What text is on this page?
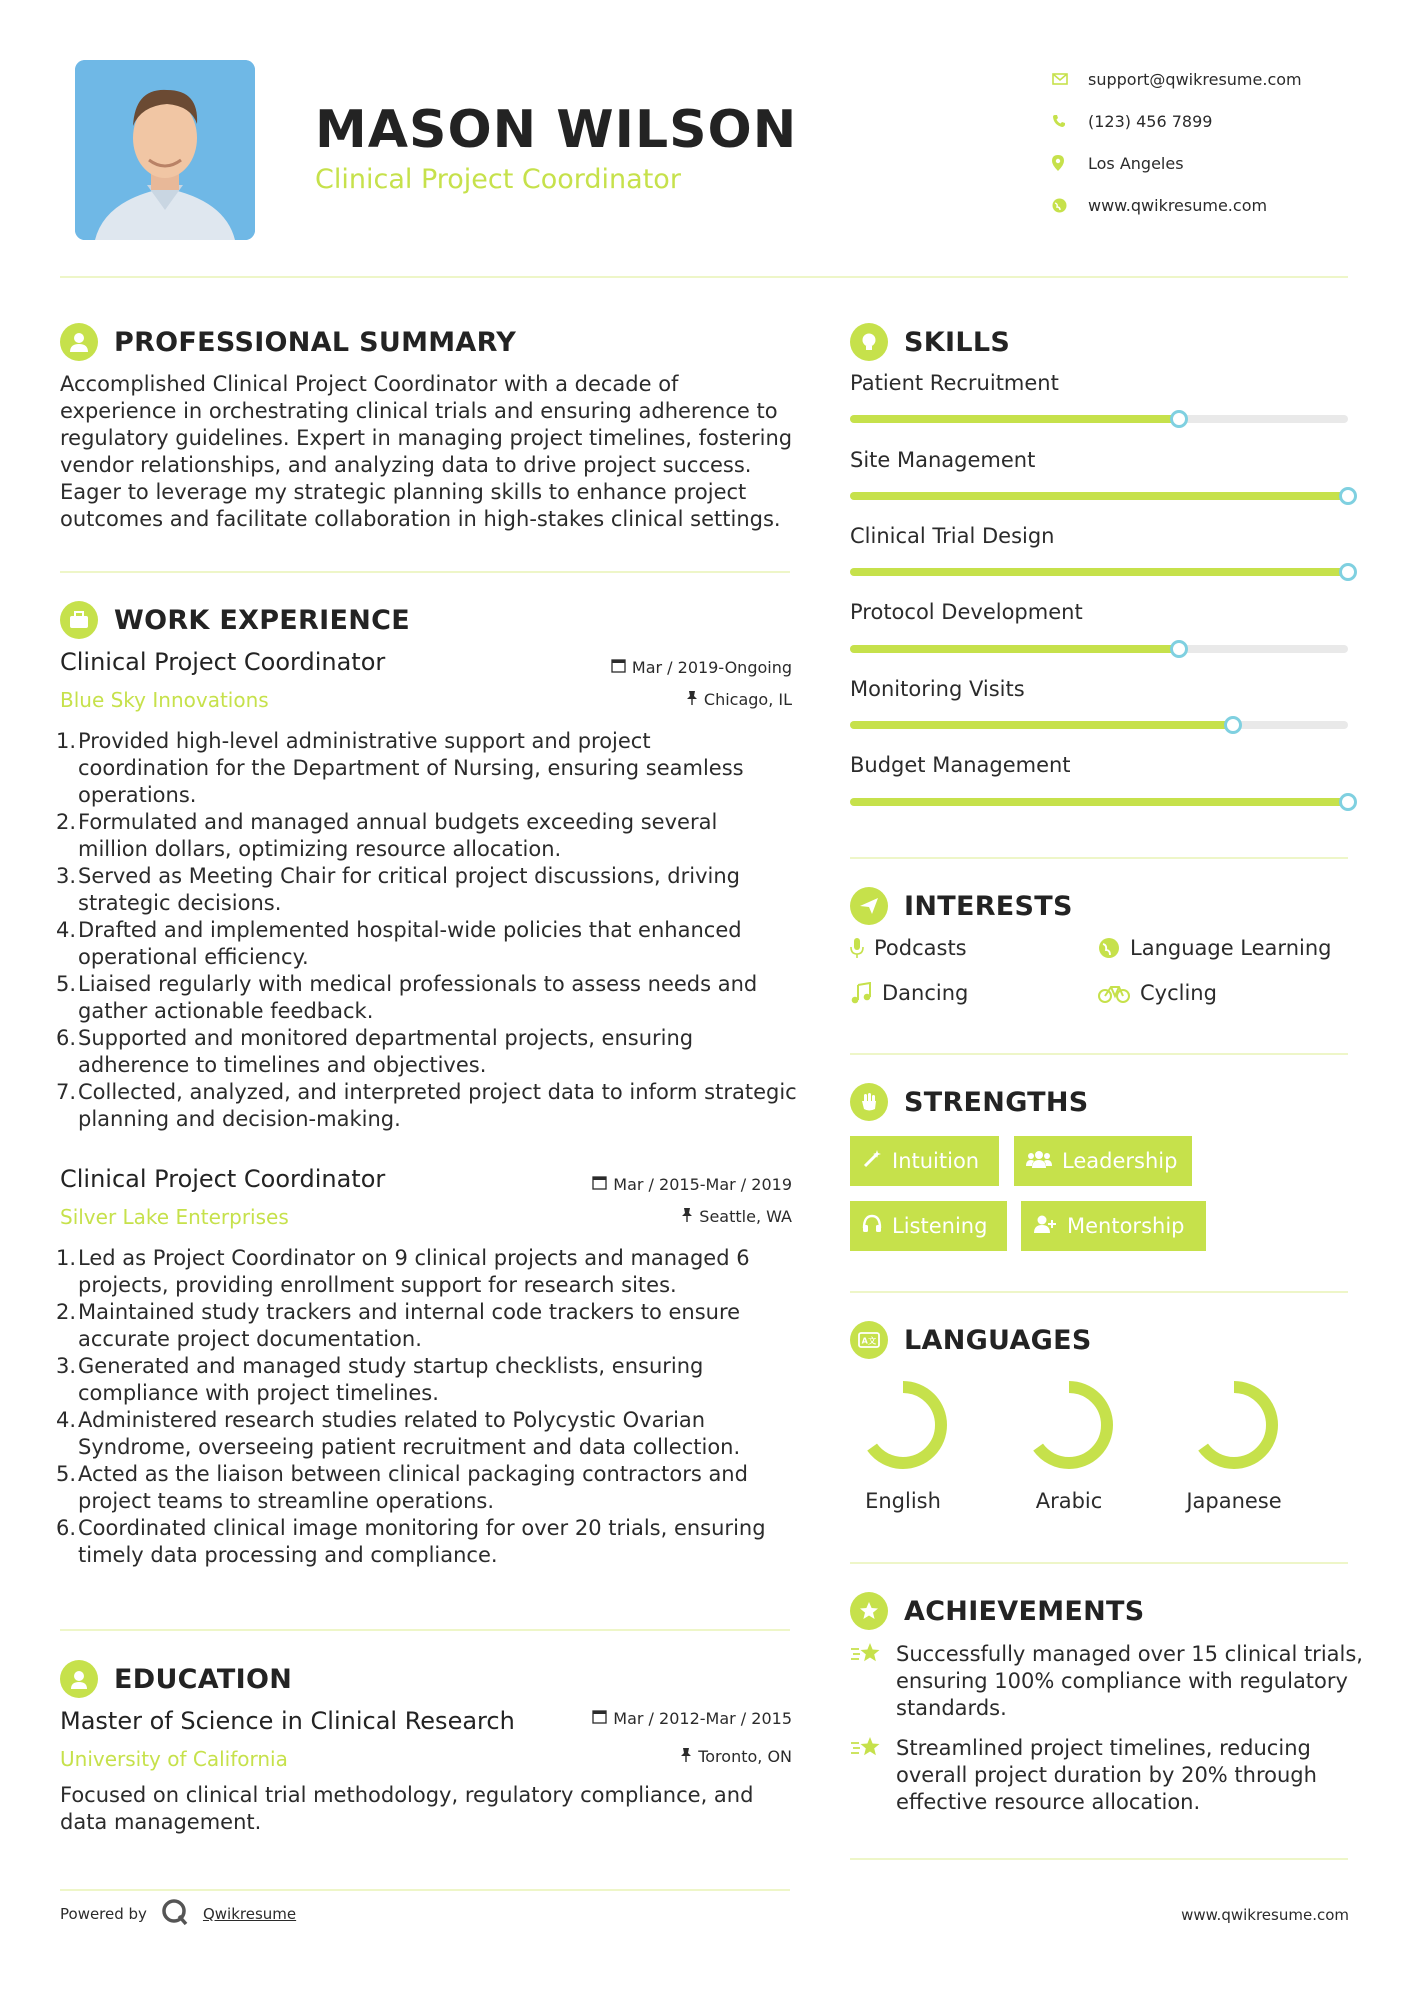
MASON WILSON
Clinical Project Coordinator
support@qwikresume.com
(123) 456 7899
Los Angeles
www.qwikresume.com
PROFESSIONAL SUMMARY
Accomplished Clinical Project Coordinator with a decade of
experience in orchestrating clinical trials and ensuring adherence to
regulatory guidelines. Expert in managing project timelines, fostering
vendor relationships, and analyzing data to drive project success.
Eager to leverage my strategic planning skills to enhance project
outcomes and facilitate collaboration in high-stakes clinical settings.
WORK EXPERIENCE
Clinical Project Coordinator
Blue Sky Innovations
Mar / 2019-Ongoing
Chicago, IL
1. Provided high-level administrative support and project
coordination for the Department of Nursing, ensuring seamless
operations.
2. Formulated and managed annual budgets exceeding several
million dollars, optimizing resource allocation.
3. Served as Meeting Chair for critical project discussions, driving
strategic decisions.
4. Drafted and implemented hospital-wide policies that enhanced
operational efficiency.
5. Liaised regularly with medical professionals to assess needs and
gather actionable feedback.
6. Supported and monitored departmental projects, ensuring
adherence to timelines and objectives.
7. Collected, analyzed, and interpreted project data to inform strategic
planning and decision-making.
Clinical Project Coordinator
Silver Lake Enterprises
Mar / 2015-Mar / 2019
Seattle, WA
1. Led as Project Coordinator on 9 clinical projects and managed 6
projects, providing enrollment support for research sites.
2. Maintained study trackers and internal code trackers to ensure
accurate project documentation.
3. Generated and managed study startup checklists, ensuring
compliance with project timelines.
4. Administered research studies related to Polycystic Ovarian
Syndrome, overseeing patient recruitment and data collection.
5. Acted as the liaison between clinical packaging contractors and
project teams to streamline operations.
6. Coordinated clinical image monitoring for over 20 trials, ensuring
timely data processing and compliance.
EDUCATION
Master of Science in Clinical Research
University of California
Mar / 2012-Mar / 2015
Toronto, ON
Focused on clinical trial methodology, regulatory compliance, and
data management.
SKILLS
Patient Recruitment
Site Management
Clinical Trial Design
Protocol Development
Monitoring Visits
Budget Management
INTERESTS
Podcasts	Language Learning
Dancing	Cycling
STRENGTHS
Intuition	Leadership
Listening	Mentorship
A文 LANGUAGES
English	Arabic	Japanese
ACHIEVEMENTS
Successfully managed over 15 clinical trials,
ensuring 100% compliance with regulatory
standards.
Streamlined project timelines, reducing
overall project duration by 20% through
effective resource allocation.
Powered by	Qwikresume	www.qwikresume.com
